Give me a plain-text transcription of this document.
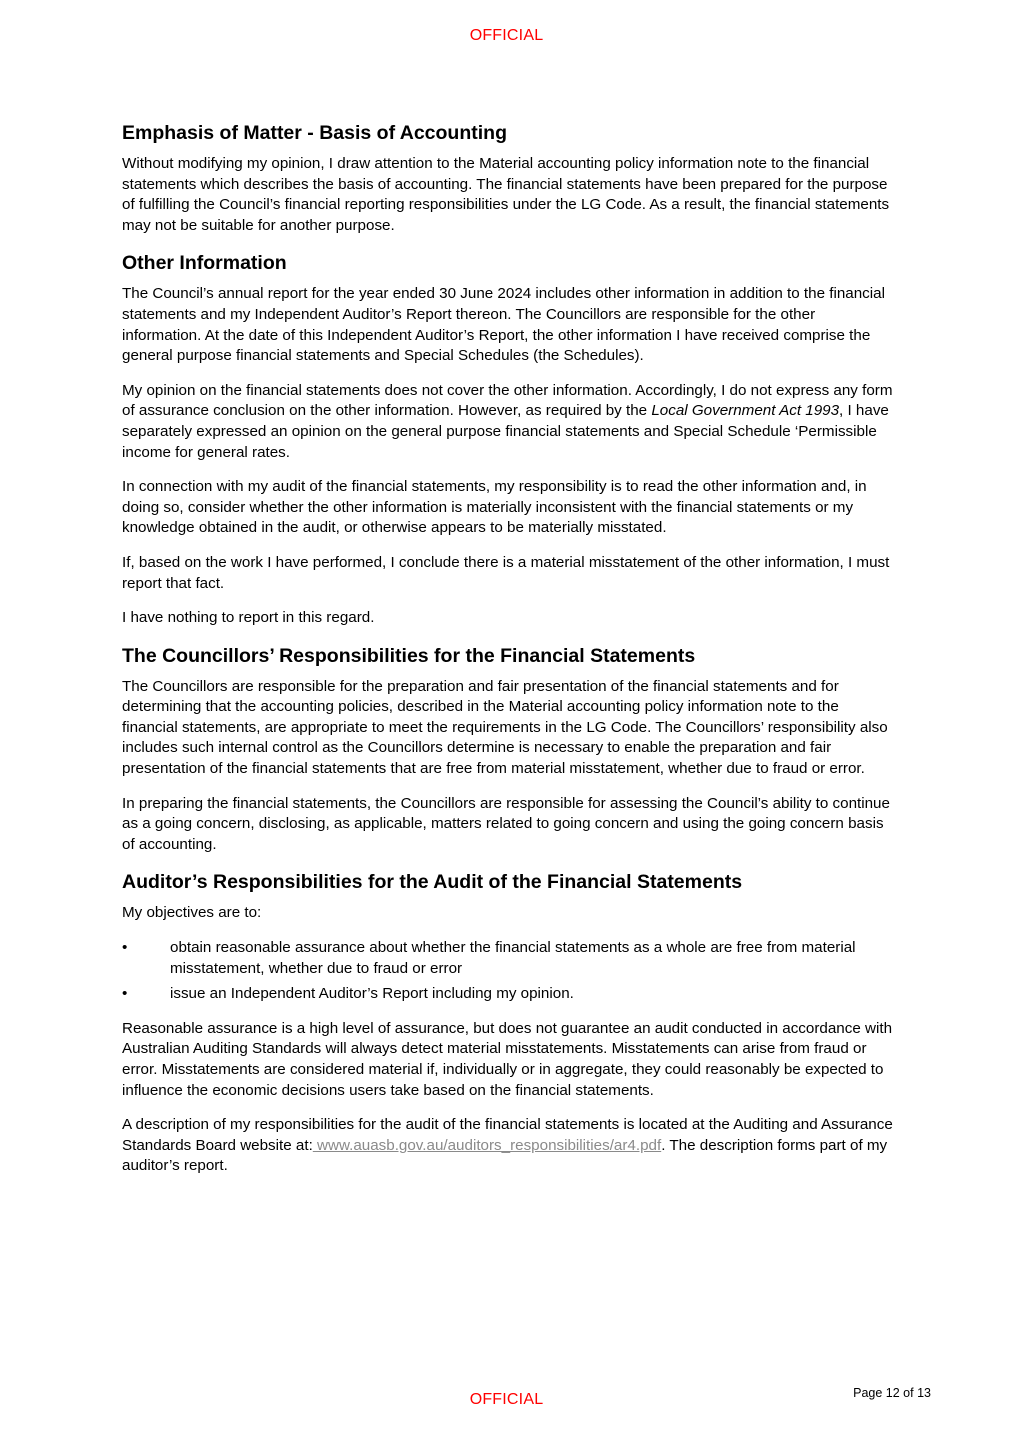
OFFICIAL
Emphasis of Matter - Basis of Accounting

Without modifying my opinion, I draw attention to the Material accounting policy information note to the financial statements which describes the basis of accounting. The financial statements have been prepared for the purpose of fulfilling the Council’s financial reporting responsibilities under the LG Code. As a result, the financial statements may not be suitable for another purpose.

Other Information

The Council’s annual report for the year ended 30 June 2024 includes other information in addition to the financial statements and my Independent Auditor’s Report thereon. The Councillors are responsible for the other information. At the date of this Independent Auditor’s Report, the other information I have received comprise the general purpose financial statements and Special Schedules (the Schedules).

My opinion on the financial statements does not cover the other information. Accordingly, I do not express any form of assurance conclusion on the other information. However, as required by the Local Government Act 1993, I have separately expressed an opinion on the general purpose financial statements and Special Schedule ‘Permissible income for general rates.

In connection with my audit of the financial statements, my responsibility is to read the other information and, in doing so, consider whether the other information is materially inconsistent with the financial statements or my knowledge obtained in the audit, or otherwise appears to be materially misstated.

If, based on the work I have performed, I conclude there is a material misstatement of the other information, I must report that fact.

I have nothing to report in this regard.

The Councillors’ Responsibilities for the Financial Statements

The Councillors are responsible for the preparation and fair presentation of the financial statements and for determining that the accounting policies, described in the Material accounting policy information note to the financial statements, are appropriate to meet the requirements in the LG Code. The Councillors’ responsibility also includes such internal control as the Councillors determine is necessary to enable the preparation and fair presentation of the financial statements that are free from material misstatement, whether due to fraud or error.

In preparing the financial statements, the Councillors are responsible for assessing the Council’s ability to continue as a going concern, disclosing, as applicable, matters related to going concern and using the going concern basis of accounting.

Auditor’s Responsibilities for the Audit of the Financial Statements

My objectives are to:

•	obtain reasonable assurance about whether the financial statements as a whole are free from material misstatement, whether due to fraud or error
•	issue an Independent Auditor’s Report including my opinion.

Reasonable assurance is a high level of assurance, but does not guarantee an audit conducted in accordance with Australian Auditing Standards will always detect material misstatements. Misstatements can arise from fraud or error. Misstatements are considered material if, individually or in aggregate, they could reasonably be expected to influence the economic decisions users take based on the financial statements.

A description of my responsibilities for the audit of the financial statements is located at the Auditing and Assurance Standards Board website at: www.auasb.gov.au/auditors_responsibilities/ar4.pdf. The description forms part of my auditor’s report.

OFFICIAL	Page 12 of 13
